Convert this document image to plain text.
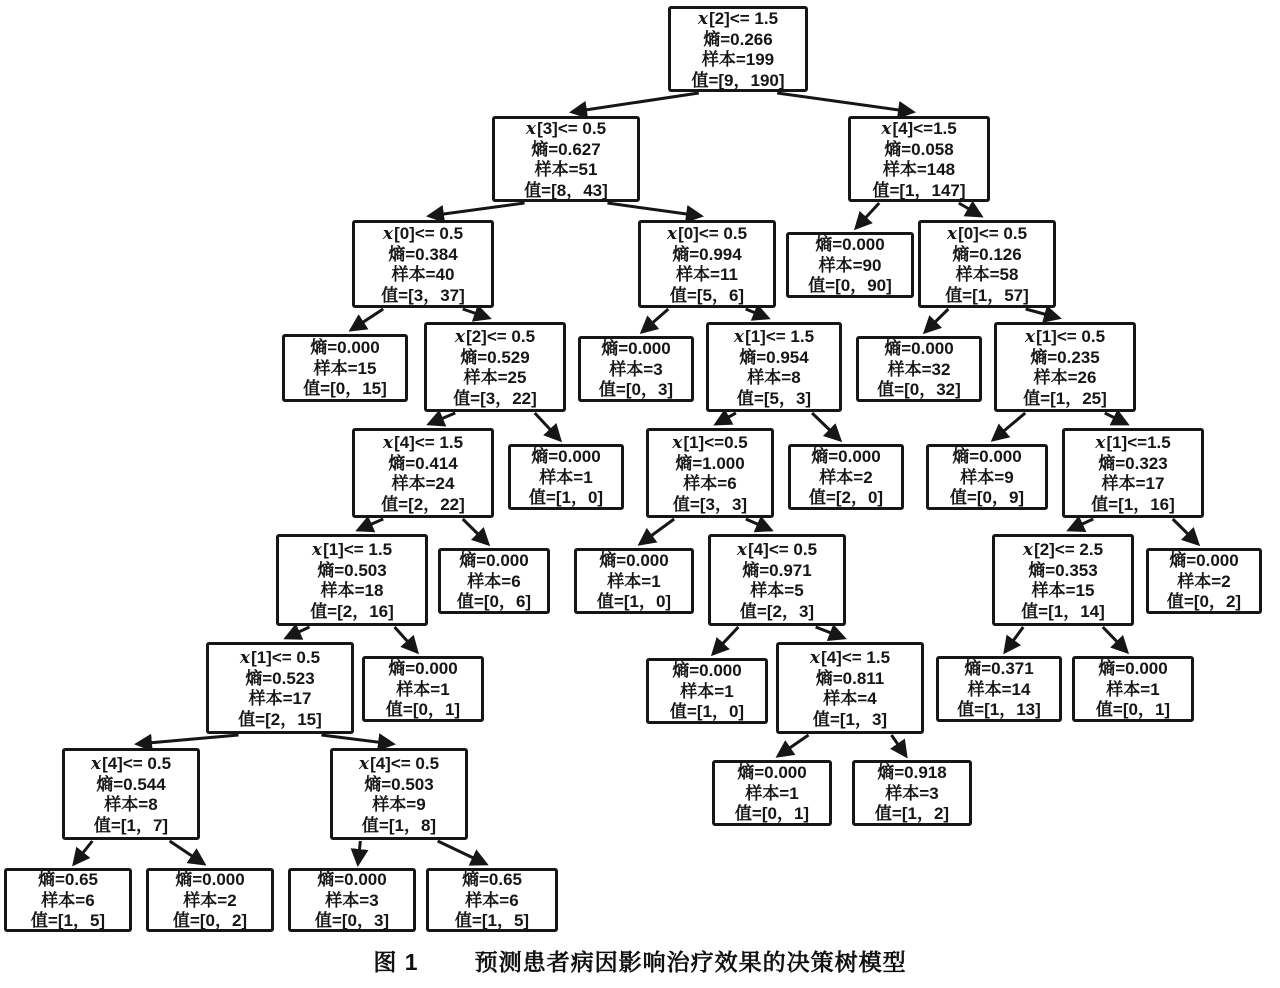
图 1 预测患者病因影响治疗效果的决策树模型
x[2]<= 1.5
熵=0.266
样本=199
值=[9，190]
x[3]<= 0.5
熵=0.627
样本=51
值=[8，43]
x[4]<=1.5
熵=0.058
样本=148
值=[1，147]
x[0]<= 0.5
熵=0.384
样本=40
值=[3，37]
x[0]<= 0.5
熵=0.994
样本=11
值=[5，6]
熵=0.000
样本=90
值=[0，90]
x[0]<= 0.5
熵=0.126
样本=58
值=[1，57]
熵=0.000
样本=15
值=[0，15]
x[2]<= 0.5
熵=0.529
样本=25
值=[3，22]
熵=0.000
样本=3
值=[0，3]
x[1]<= 1.5
熵=0.954
样本=8
值=[5，3]
熵=0.000
样本=32
值=[0，32]
x[1]<= 0.5
熵=0.235
样本=26
值=[1，25]
x[4]<= 1.5
熵=0.414
样本=24
值=[2，22]
熵=0.000
样本=1
值=[1，0]
x[1]<=0.5
熵=1.000
样本=6
值=[3，3]
熵=0.000
样本=2
值=[2，0]
熵=0.000
样本=9
值=[0，9]
x[1]<=1.5
熵=0.323
样本=17
值=[1，16]
x[1]<= 1.5
熵=0.503
样本=18
值=[2，16]
熵=0.000
样本=6
值=[0，6]
熵=0.000
样本=1
值=[1，0]
x[4]<= 0.5
熵=0.971
样本=5
值=[2，3]
x[2]<= 2.5
熵=0.353
样本=15
值=[1，14]
熵=0.000
样本=2
值=[0，2]
x[1]<= 0.5
熵=0.523
样本=17
值=[2，15]
熵=0.000
样本=1
值=[0，1]
熵=0.000
样本=1
值=[1，0]
x[4]<= 1.5
熵=0.811
样本=4
值=[1，3]
熵=0.371
样本=14
值=[1，13]
熵=0.000
样本=1
值=[0，1]
x[4]<= 0.5
熵=0.544
样本=8
值=[1，7]
x[4]<= 0.5
熵=0.503
样本=9
值=[1，8]
熵=0.000
样本=1
值=[0，1]
熵=0.918
样本=3
值=[1，2]
熵=0.65
样本=6
值=[1，5]
熵=0.000
样本=2
值=[0，2]
熵=0.000
样本=3
值=[0，3]
熵=0.65
样本=6
值=[1，5]
